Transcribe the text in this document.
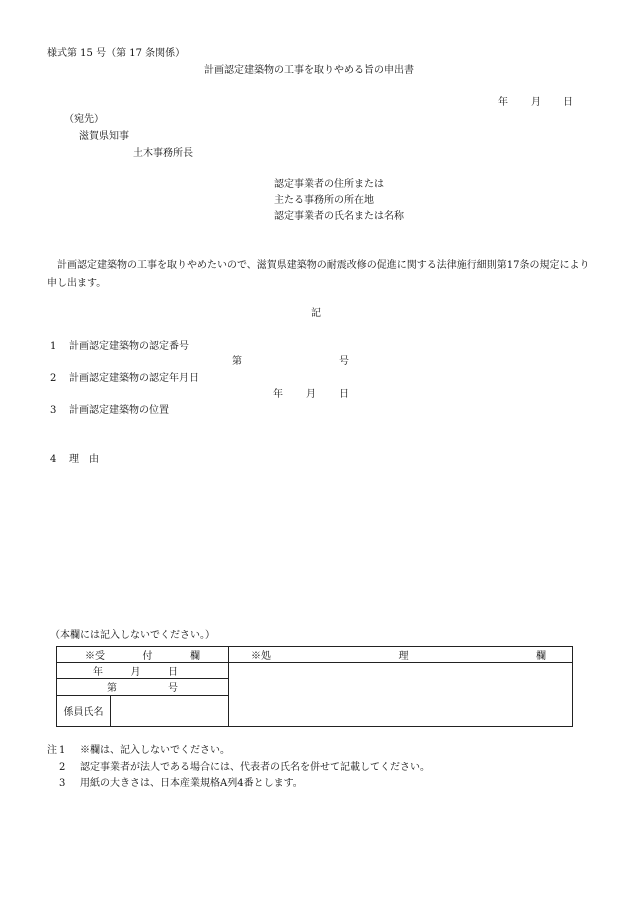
様式第 15 号（第 17 条関係）
計画認定建築物の工事を取りやめる旨の申出書
年 月 日
（宛先）
滋賀県知事
土木事務所長
認定事業者の住所または
主たる事務所の所在地
認定事業者の氏名または名称
計画認定建築物の工事を取りやめたいので、滋賀県建築物の耐震改修の促進に関する法律施行細則第17条の規定により申し出ます。
記
1 計画認定建築物の認定番号
第	号
2 計画認定建築物の認定年月日
年 月 日
3 計画認定建築物の位置
4 理　由
（本欄には記入しないでください。）
※受 付 欄		※処 理 欄

年 月 日		

第 号		

係員氏名		
注 1 ※欄は、記入しないでください。
2 認定事業者が法人である場合には、代表者の氏名を併せて記載してください。
3 用紙の大きさは、日本産業規格A列4番とします。
